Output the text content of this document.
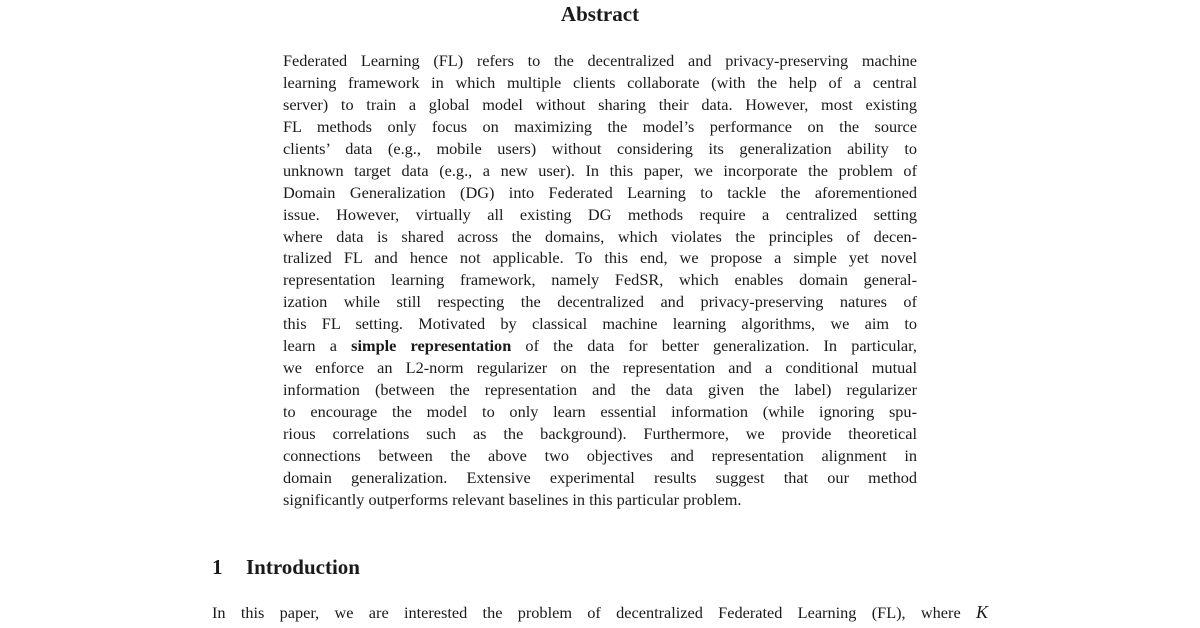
Abstract
Federated Learning (FL) refers to the decentralized and privacy-preserving machine
learning framework in which multiple clients collaborate (with the help of a central
server) to train a global model without sharing their data. However, most existing
FL methods only focus on maximizing the model’s performance on the source
clients’ data (e.g., mobile users) without considering its generalization ability to
unknown target data (e.g., a new user). In this paper, we incorporate the problem of
Domain Generalization (DG) into Federated Learning to tackle the aforementioned
issue. However, virtually all existing DG methods require a centralized setting
where data is shared across the domains, which violates the principles of decen-
tralized FL and hence not applicable. To this end, we propose a simple yet novel
representation learning framework, namely FedSR, which enables domain general-
ization while still respecting the decentralized and privacy-preserving natures of
this FL setting. Motivated by classical machine learning algorithms, we aim to
learn a simple representation of the data for better generalization. In particular,
we enforce an L2-norm regularizer on the representation and a conditional mutual
information (between the representation and the data given the label) regularizer
to encourage the model to only learn essential information (while ignoring spu-
rious correlations such as the background). Furthermore, we provide theoretical
connections between the above two objectives and representation alignment in
domain generalization. Extensive experimental results suggest that our method
significantly outperforms relevant baselines in this particular problem.
1 Introduction
In this paper, we are interested the problem of decentralized Federated Learning (FL), where K
